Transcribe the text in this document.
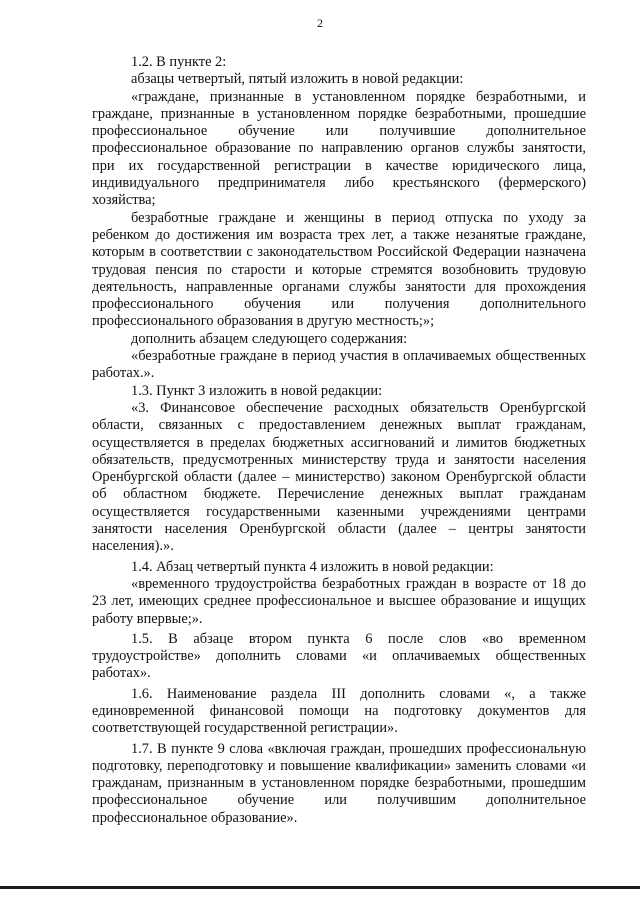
2

1.2. В пункте 2:

абзацы четвертый, пятый изложить в новой редакции:

«граждане, признанные в установленном порядке безработными, и граждане, признанные в установленном порядке безработными, прошедшие профессиональное обучение или получившие дополнительное профессиональное образование по направлению органов службы занятости, при их государственной регистрации в качестве юридического лица, индивидуального предпринимателя либо крестьянского (фермерского) хозяйства;

безработные граждане и женщины в период отпуска по уходу за ребенком до достижения им возраста трех лет, а также незанятые граждане, которым в соответствии с законодательством Российской Федерации назначена трудовая пенсия по старости и которые стремятся возобновить трудовую деятельность, направленные органами службы занятости для прохождения профессионального обучения или получения дополнительного профессионального образования в другую местность;»;

дополнить абзацем следующего содержания:

«безработные граждане в период участия в оплачиваемых общественных работах.».

1.3. Пункт 3 изложить в новой редакции:

«3. Финансовое обеспечение расходных обязательств Оренбургской области, связанных с предоставлением денежных выплат гражданам, осуществляется в пределах бюджетных ассигнований и лимитов бюджетных обязательств, предусмотренных министерству труда и занятости населения Оренбургской области (далее – министерство) законом Оренбургской области об областном бюджете. Перечисление денежных выплат гражданам осуществляется государственными казенными учреждениями центрами занятости населения Оренбургской области (далее – центры занятости населения).».

1.4. Абзац четвертый пункта 4 изложить в новой редакции:

«временного трудоустройства безработных граждан в возрасте от 18 до 23 лет, имеющих среднее профессиональное и высшее образование и ищущих работу впервые;».

1.5. В абзаце втором пункта 6 после слов «во временном трудоустройстве» дополнить словами «и оплачиваемых общественных работах».

1.6. Наименование раздела III дополнить словами «, а также единовременной финансовой помощи на подготовку документов для соответствующей государственной регистрации».

1.7. В пункте 9 слова «включая граждан, прошедших профессиональную подготовку, переподготовку и повышение квалификации» заменить словами «и гражданам, признанным в установленном порядке безработными, прошедшим профессиональное обучение или получившим дополнительное профессиональное образование».
